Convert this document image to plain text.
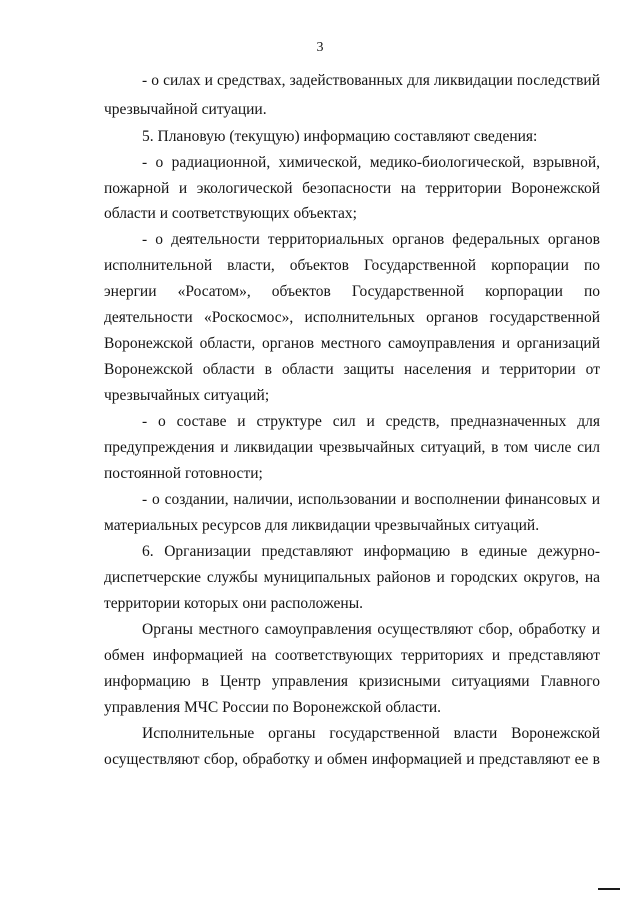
3
- о силах и средствах, задействованных для ликвидации последствий
чрезвычайной ситуации.
5. Плановую (текущую) информацию составляют сведения:
- о радиационной, химической, медико-биологической, взрывной,
пожарной и экологической безопасности на территории Воронежской
области и соответствующих объектах;
- о деятельности территориальных органов федеральных органов
исполнительной власти, объектов Государственной корпорации по
энергии «Росатом», объектов Государственной корпорации по
деятельности «Роскосмос», исполнительных органов государственной
Воронежской области, органов местного самоуправления и организаций
Воронежской области в области защиты населения и территории от
чрезвычайных ситуаций;
- о составе и структуре сил и средств, предназначенных для
предупреждения и ликвидации чрезвычайных ситуаций, в том числе сил
постоянной готовности;
- о создании, наличии, использовании и восполнении финансовых и
материальных ресурсов для ликвидации чрезвычайных ситуаций.
6. Организации представляют информацию в единые дежурно-
диспетчерские службы муниципальных районов и городских округов, на
территории которых они расположены.
Органы местного самоуправления осуществляют сбор, обработку и
обмен информацией на соответствующих территориях и представляют
информацию в Центр управления кризисными ситуациями Главного
управления МЧС России по Воронежской области.
Исполнительные органы государственной власти Воронежской
осуществляют сбор, обработку и обмен информацией и представляют ее в
